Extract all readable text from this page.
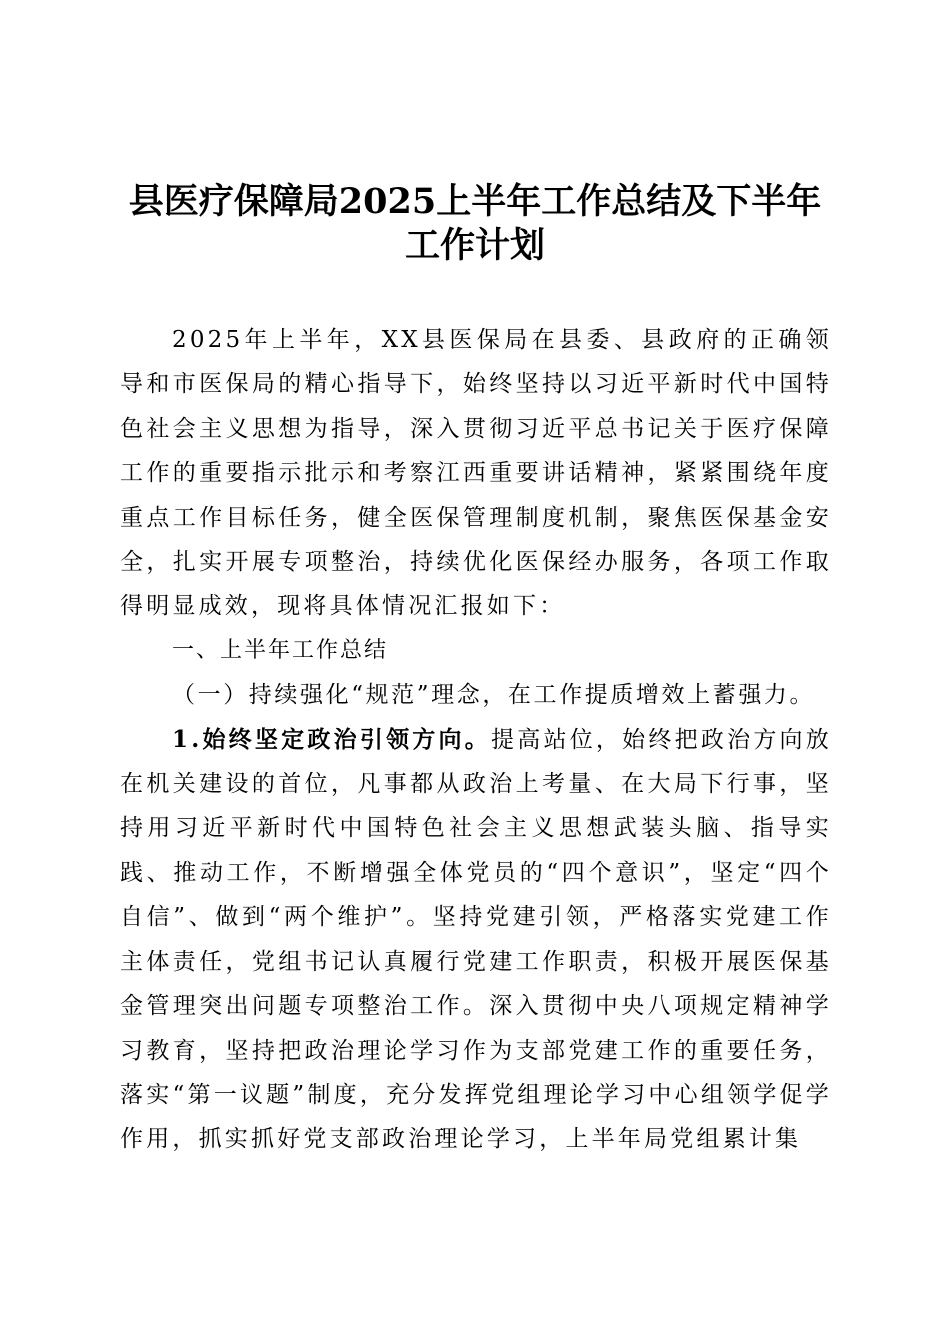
县医疗保障局2025上半年工作总结及下半年
工作计划

2025年上半年，XX县医保局在县委、县政府的正确领导和市医保局的精心指导下，始终坚持以习近平新时代中国特色社会主义思想为指导，深入贯彻习近平总书记关于医疗保障工作的重要指示批示和考察江西重要讲话精神，紧紧围绕年度重点工作目标任务，健全医保管理制度机制，聚焦医保基金安全，扎实开展专项整治，持续优化医保经办服务，各项工作取得明显成效，现将具体情况汇报如下：

一、上半年工作总结

（一）持续强化“规范”理念，在工作提质增效上蓄强力。

1.始终坚定政治引领方向。提高站位，始终把政治方向放在机关建设的首位，凡事都从政治上考量、在大局下行事，坚持用习近平新时代中国特色社会主义思想武装头脑、指导实践、推动工作，不断增强全体党员的“四个意识”，坚定“四个自信”、做到“两个维护”。坚持党建引领，严格落实党建工作主体责任，党组书记认真履行党建工作职责，积极开展医保基金管理突出问题专项整治工作。深入贯彻中央八项规定精神学习教育，坚持把政治理论学习作为支部党建工作的重要任务，落实“第一议题”制度，充分发挥党组理论学习中心组领学促学作用，抓实抓好党支部政治理论学习，上半年局党组累计集
